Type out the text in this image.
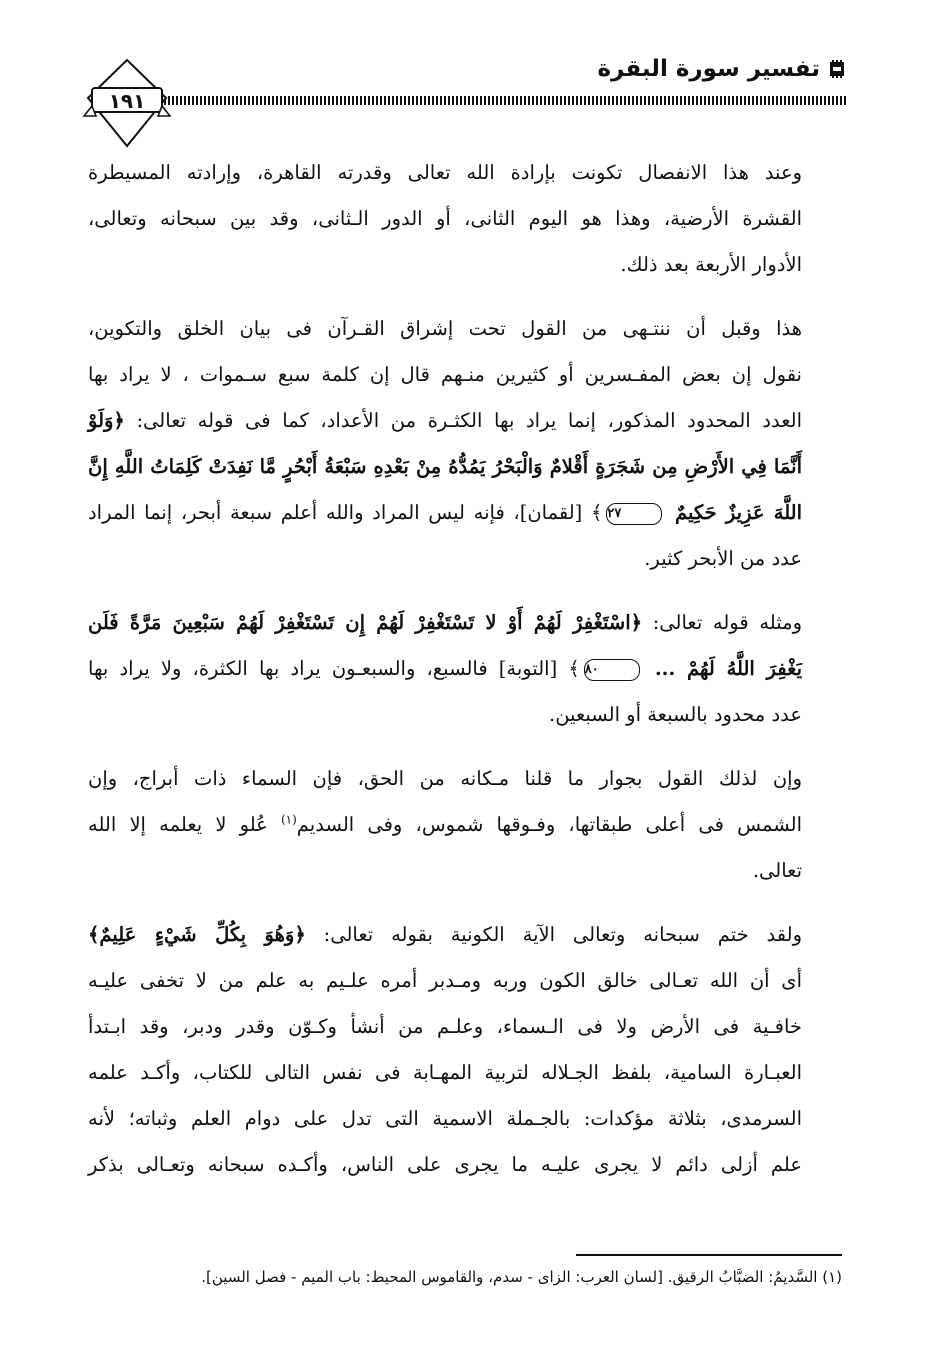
تفسير سورة البقرة
١٩١
وعند هذا الانفصال تكونت بإرادة الله تعالى وقدرته القاهرة، وإرادته المسيطرة
القشرة الأرضية، وهذا هو اليوم الثانى، أو الدور الـثانى، وقد بين سبحانه وتعالى،
الأدوار الأربعة بعد ذلك.
هذا وقبل أن ننتـهى من القول تحت إشراق القـرآن فى بيان الخلق والتكوين،
نقول إن بعض المفـسرين أو كثيرين منـهم قال إن كلمة سبع سـموات ، لا يراد بها
العدد المحدود المذكور، إنما يراد بها الكثـرة من الأعداد، كما فى قوله تعالى: ﴿وَلَوْ
أَنَّمَا فِي الأَرْضِ مِن شَجَرَةٍ أَقْلامٌ وَالْبَحْرُ يَمُدُّهُ مِنْ بَعْدِهِ سَبْعَةُ أَبْحُرٍ مَّا نَفِدَتْ كَلِمَاتُ اللَّهِ إِنَّ
اللَّهَ عَزِيزٌ حَكِيمٌ ٢٧﴾ [لقمان]، فإنه ليس المراد والله أعلم سبعة أبحر، إنما المراد
عدد من الأبحر كثير.
ومثله قوله تعالى: ﴿اسْتَغْفِرْ لَهُمْ أَوْ لا تَسْتَغْفِرْ لَهُمْ إِن تَسْتَغْفِرْ لَهُمْ سَبْعِينَ مَرَّةً فَلَن
يَغْفِرَ اللَّهُ لَهُمْ ... ٨٠﴾ [التوبة] فالسبع، والسبعـون يراد بها الكثرة، ولا يراد بها
عدد محدود بالسبعة أو السبعين.
وإن لذلك القول بجوار ما قلنا مـكانه من الحق، فإن السماء ذات أبراج، وإن
الشمس فى أعلى طبقاتها، وفـوقها شموس، وفى السديم$^{(١)}$ عُلو لا يعلمه إلا الله
تعالى.
ولقد ختم سبحانه وتعالى الآية الكونية بقوله تعالى: ﴿وَهُوَ بِكُلِّ شَيْءٍ عَلِيمٌ﴾
أى أن الله تعـالى خالق الكون وربه ومـدبر أمره علـيم به علم من لا تخفى عليـه
خافـية فى الأرض ولا فى الـسماء، وعلـم من أنشأ وكـوّن وقدر ودبر، وقد ابـتدأ
العبـارة السامية، بلفظ الجـلاله لتربية المهـابة فى نفس التالى للكتاب، وأكـد علمه
السرمدى، بثلاثة مؤكدات: بالجـملة الاسمية التى تدل على دوام العلم وثباته؛ لأنه
علم أزلى دائم لا يجرى عليـه ما يجرى على الناس، وأكـده سبحانه وتعـالى بذكر
(١) السَّديمُ: الضبَّابُ الرقيق. [لسان العرب: الزاى - سدم، والقاموس المحيط: باب الميم - فصل السين].
